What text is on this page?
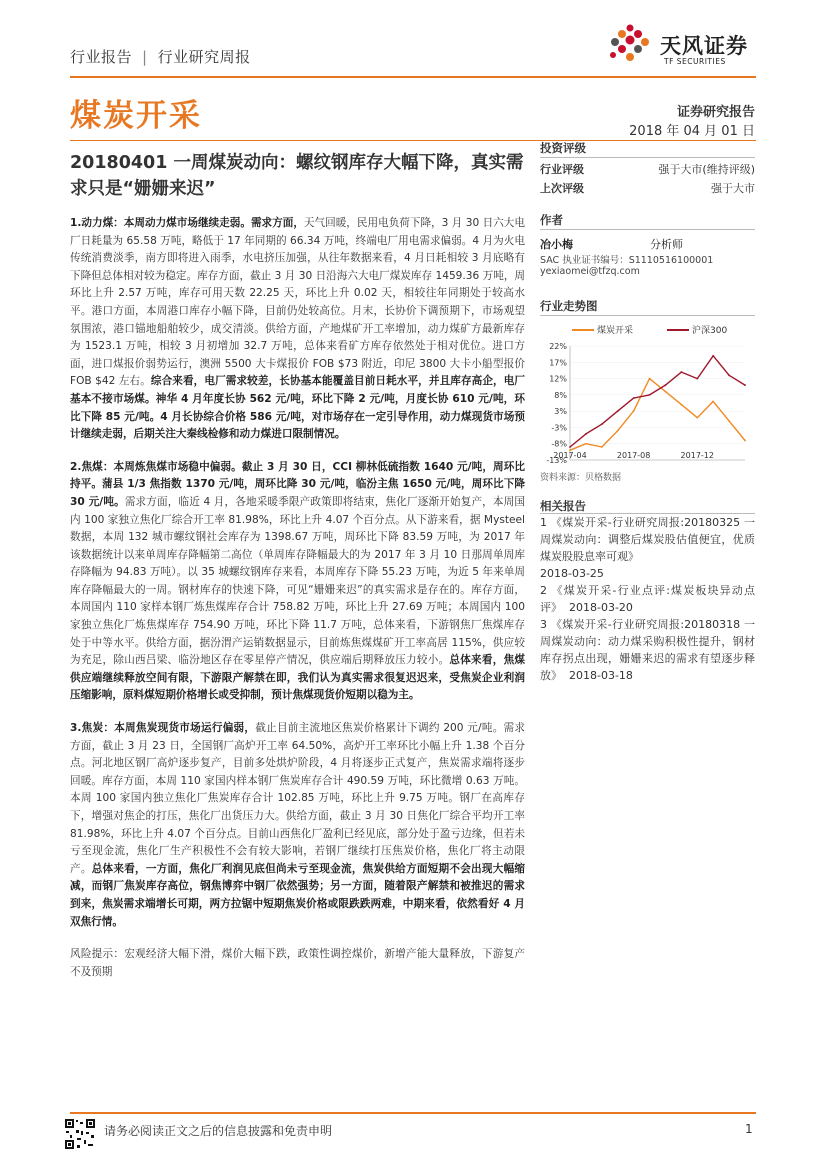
行业报告 | 行业研究周报	天风证券
TF SECURITIES
煤炭开采	证券研究报告
2018 年 04 月 01 日
20180401 一周煤炭动向：螺纹钢库存大幅下降，真实需求只是“姗姗来迟”

1.动力煤：本周动力煤市场继续走弱。需求方面，天气回暖，民用电负荷下降，3 月 30 日六大电厂日耗量为 65.58 万吨，略低于 17 年同期的 66.34 万吨，终端电厂用电需求偏弱。4 月为火电传统消费淡季，南方即将进入雨季，水电挤压加强，从往年数据来看，4 月日耗相较 3 月底略有下降但总体相对较为稳定。库存方面，截止 3 月 30 日沿海六大电厂煤炭库存 1459.36 万吨，周环比上升 2.57 万吨，库存可用天数 22.25 天，环比上升 0.02 天，相较往年同期处于较高水平。港口方面，本周港口库存小幅下降，目前仍处较高位。月末，长协价下调预期下，市场观望氛围浓，港口锚地船舶较少，成交清淡。供给方面，产地煤矿开工率增加，动力煤矿方最新库存为 1523.1 万吨，相较 3 月初增加 32.7 万吨，总体来看矿方库存依然处于相对优位。进口方面，进口煤报价弱势运行，澳洲 5500 大卡煤报价 FOB $73 附近，印尼 3800 大卡小船型报价 FOB $42 左右。综合来看，电厂需求较差，长协基本能覆盖目前日耗水平，并且库存高企，电厂基本不接市场煤。神华 4 月年度长协 562 元/吨，环比下降 2 元/吨，月度长协 610 元/吨，环比下降 85 元/吨。4 月长协综合价格 586 元/吨，对市场存在一定引导作用，动力煤现货市场预计继续走弱，后期关注大秦线检修和动力煤进口限制情况。

2.焦煤：本周炼焦煤市场稳中偏弱。截止 3 月 30 日，CCI 柳林低硫指数 1640 元/吨，周环比持平。蒲县 1/3 焦指数 1370 元/吨，周环比降 30 元/吨，临汾主焦 1650 元/吨，周环比下降 30 元/吨。需求方面，临近 4 月，各地采暖季限产政策即将结束，焦化厂逐渐开始复产，本周国内 100 家独立焦化厂综合开工率 81.98%，环比上升 4.07 个百分点。从下游来看，据 Mysteel 数据，本周 132 城市螺纹钢社会库存为 1398.67 万吨，周环比下降 83.59 万吨，为 2017 年该数据统计以来单周库存降幅第二高位（单周库存降幅最大的为 2017 年 3 月 10 日那周单周库存降幅为 94.83 万吨）。以 35 城螺纹钢库存来看，本周库存下降 55.23 万吨，为近 5 年来单周库存降幅最大的一周。钢材库存的快速下降，可见“姗姗来迟”的真实需求是存在的。库存方面，本周国内 110 家样本钢厂炼焦煤库存合计 758.82 万吨，环比上升 27.69 万吨；本周国内 100 家独立焦化厂炼焦煤库存 754.90 万吨，环比下降 11.7 万吨，总体来看，下游钢焦厂焦煤库存处于中等水平。供给方面，据汾渭产运销数据显示，目前炼焦煤煤矿开工率高居 115%，供应较为充足，除山西吕梁、临汾地区存在零星停产情况，供应端后期释放压力较小。总体来看，焦煤供应端继续释放空间有限，下游限产解禁在即，我们认为真实需求很复迟迟来，受焦炭企业利润压缩影响，原料煤短期价格增长或受抑制，预计焦煤现货价短期以稳为主。

3.焦炭：本周焦炭现货市场运行偏弱，截止目前主流地区焦炭价格累计下调约 200 元/吨。需求方面，截止 3 月 23 日，全国钢厂高炉开工率 64.50%，高炉开工率环比小幅上升 1.38 个百分点。河北地区钢厂高炉逐步复产，目前多处烘炉阶段，4 月将逐步正式复产，焦炭需求端将逐步回暖。库存方面，本周 110 家国内样本钢厂焦炭库存合计 490.59 万吨，环比微增 0.63 万吨。本周 100 家国内独立焦化厂焦炭库存合计 102.85 万吨，环比上升 9.75 万吨。钢厂在高库存下，增强对焦企的打压，焦化厂出货压力大。供给方面，截止 3 月 30 日焦化厂综合平均开工率 81.98%，环比上升 4.07 个百分点。目前山西焦化厂盈利已经见底，部分处于盈亏边缘，但若未亏至现金流，焦化厂生产积极性不会有较大影响，若钢厂继续打压焦炭价格，焦化厂将主动限产。总体来看，一方面，焦化厂利润见底但尚未亏至现金流，焦炭供给方面短期不会出现大幅缩减，而钢厂焦炭库存高位，钢焦博弈中钢厂依然强势；另一方面，随着限产解禁和被推迟的需求到来，焦炭需求端增长可期，两方拉锯中短期焦炭价格或限跌跌两难，中期来看，依然看好 4 月双焦行情。

风险提示：宏观经济大幅下滑，煤价大幅下跌，政策性调控煤价，新增产能大量释放，下游复产不及预期

投资评级
行业评级	强于大市(维持评级)
上次评级	强于大市
作者
冶小梅	分析师
SAC 执业证书编号：S1110516100001
yexiaomei@tfzq.com
行业走势图
煤炭开采	沪深300
22%
17%
12%
8%
3%
-3%
-8%
-13%
2017-04	2017-08	2017-12
资料来源：贝格数据
相关报告
1 《煤炭开采-行业研究周报:20180325 一周煤炭动向：调整后煤炭股估值便宜，优质煤炭股股息率可观》
2018-03-25
2 《煤炭开采-行业点评:煤炭板块异动点评》 2018-03-20
3 《煤炭开采-行业研究周报:20180318 一周煤炭动向：动力煤采购积极性提升，钢材库存拐点出现，姗姗来迟的需求有望逐步释放》 2018-03-18
请务必阅读正文之后的信息披露和免责申明	1
